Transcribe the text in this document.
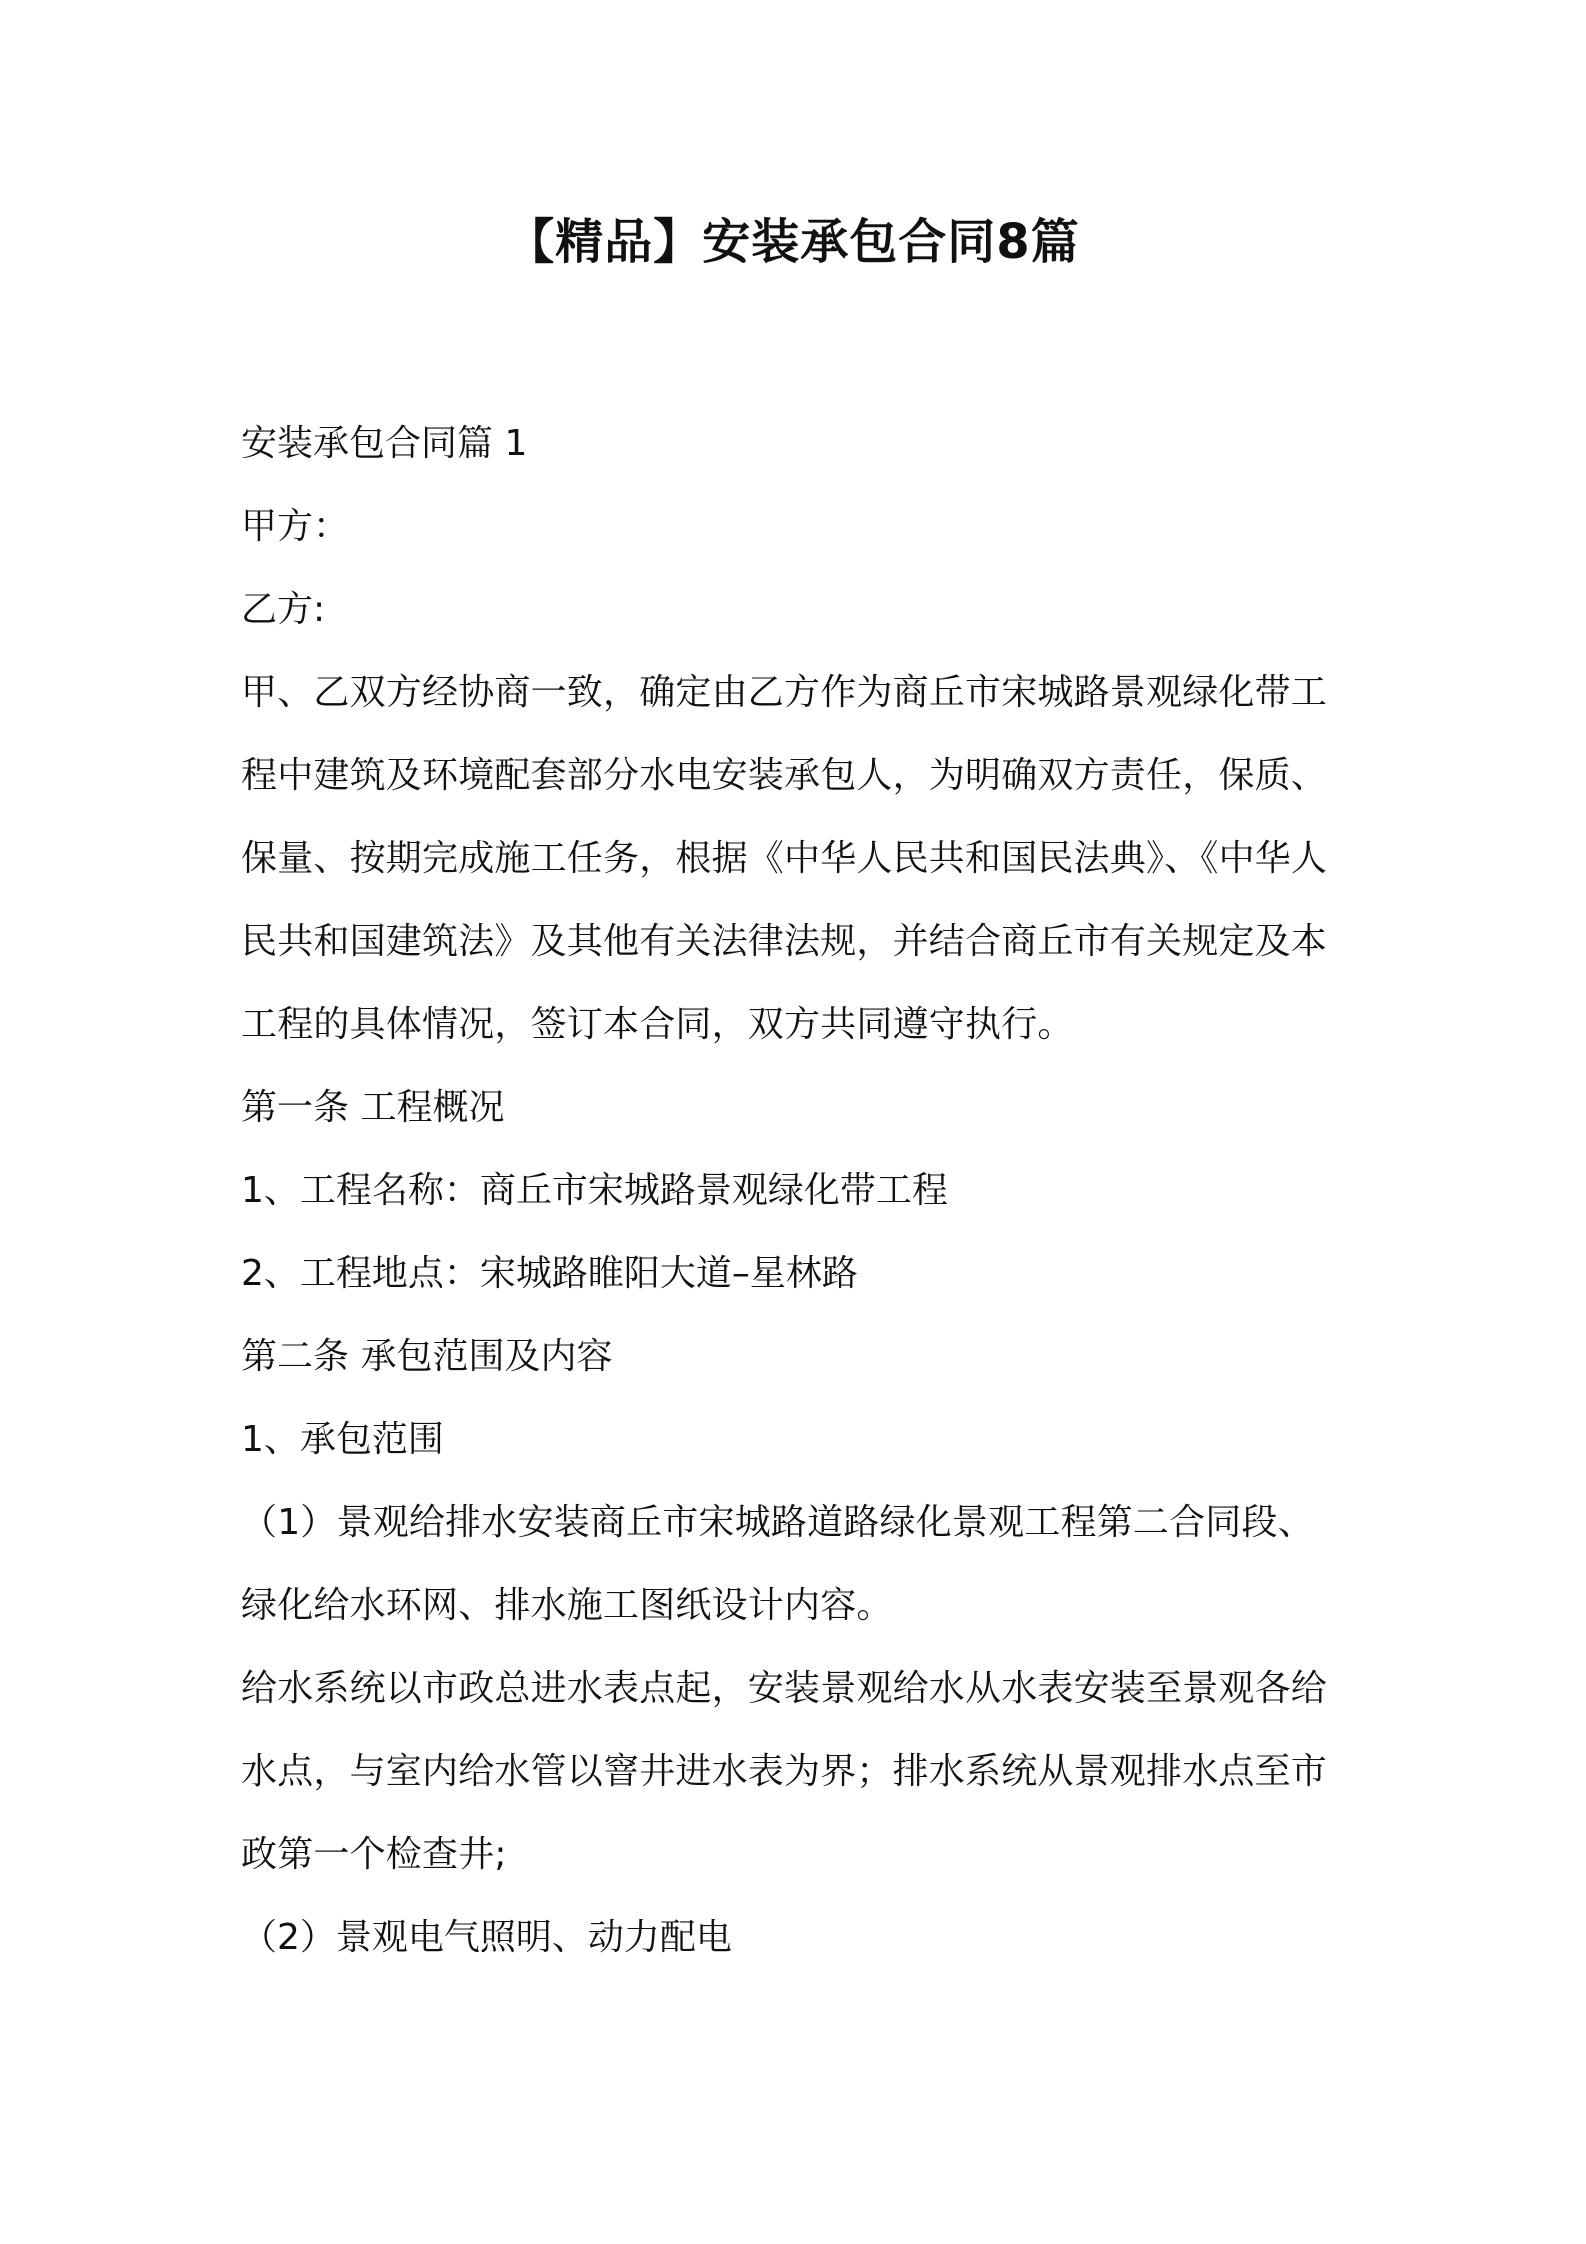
【精品】安装承包合同8篇

安装承包合同篇 1

甲方：

乙方:

甲、乙双方经协商一致，确定由乙方作为商丘市宋城路景观绿化带工
程中建筑及环境配套部分水电安装承包人，为明确双方责任，保质、
保量、按期完成施工任务，根据《中华人民共和国民法典》、《中华人
民共和国建筑法》及其他有关法律法规，并结合商丘市有关规定及本
工程的具体情况，签订本合同，双方共同遵守执行。

第一条 工程概况

1、工程名称：商丘市宋城路景观绿化带工程

2、工程地点：宋城路睢阳大道–星林路

第二条 承包范围及内容

1、承包范围

（1）景观给排水安装商丘市宋城路道路绿化景观工程第二合同段、
绿化给水环网、排水施工图纸设计内容。
给水系统以市政总进水表点起，安装景观给水从水表安装至景观各给
水点，与室内给水管以窨井进水表为界；排水系统从景观排水点至市
政第一个检查井;

（2）景观电气照明、动力配电
